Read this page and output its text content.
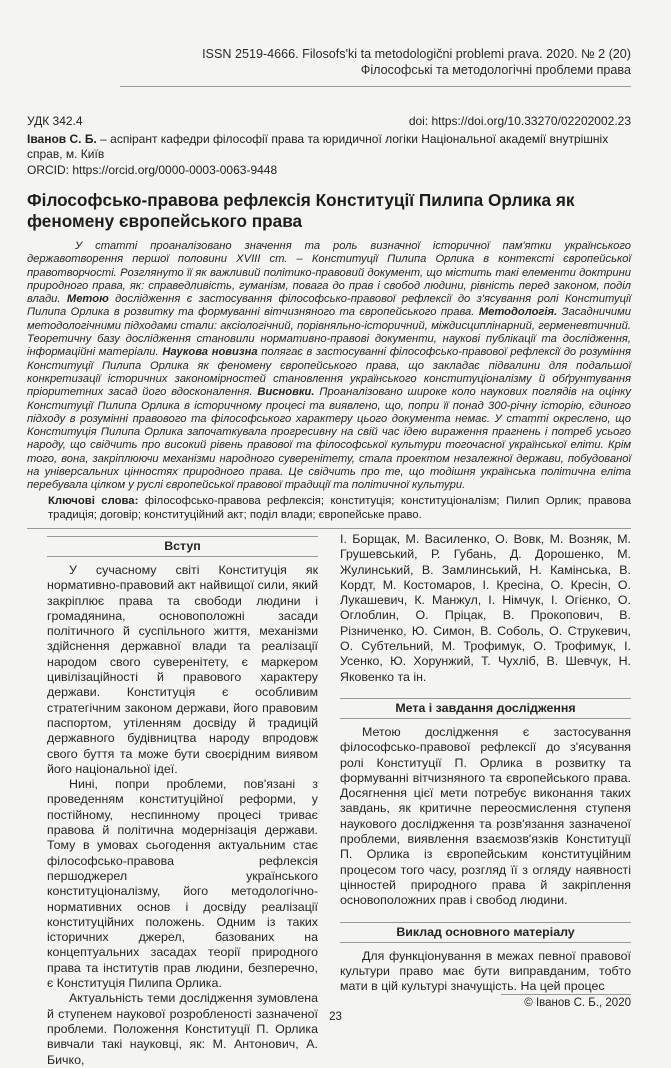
ISSN 2519-4666. Filosofs'ki ta metodologični problemi prava. 2020. № 2 (20)
Філософські та методологічні проблеми права
УДК 342.4	doi: https://doi.org/10.33270/02202002.23
Іванов С. Б. – аспірант кафедри філософії права та юридичної логіки Національної академії внутрішніх справ, м. Київ
ORCID: https://orcid.org/0000-0003-0063-9448
Філософсько-правова рефлексія Конституції Пилипа Орлика як феномену європейського права
У статті проаналізовано значення та роль визначної історичної пам'ятки українського державотворення першої половини XVIII ст. – Конституції Пилипа Орлика в контексті європейської правотворчості. Розглянуто її як важливий політико-правовий документ, що містить такі елементи доктрини природного права, як: справедливість, гуманізм, повага до прав і свобод людини, рівність перед законом, поділ влади. Метою дослідження є застосування філософсько-правової рефлексії до з'ясування ролі Конституції Пилипа Орлика в розвитку та формуванні вітчизняного та європейського права. Методологія. Засадничими методологічними підходами стали: аксіологічний, порівняльно-історичний, міждисциплінарний, герменевтичний. Теоретичну базу дослідження становили нормативно-правові документи, наукові публікації та дослідження, інформаційні матеріали. Наукова новизна полягає в застосуванні філософсько-правової рефлексії до розуміння Конституції Пилипа Орлика як феномену європейського права, що закладає підвалини для подальшої конкретизації історичних закономірностей становлення українського конституціоналізму й обґрунтування пріоритетних засад його вдосконалення. Висновки. Проаналізовано широке коло наукових поглядів на оцінку Конституції Пилипа Орлика в історичному процесі та виявлено, що, попри її понад 300-річну історію, єдиного підходу в розумінні правового та філософського характеру цього документа немає. У статті окреслено, що Конституція Пилипа Орлика започаткувала прогресивну на свій час ідею вираження прагнень і потреб усього народу, що свідчить про високий рівень правової та філософської культури тогочасної української еліти. Крім того, вона, закріплюючи механізми народного суверенітету, стала проектом незалежної держави, побудованої на універсальних цінностях природного права. Це свідчить про те, що тодішня українська політична еліта перебувала цілком у руслі європейської правової традиції та політичної культури.
Ключові слова: філософсько-правова рефлексія; конституція; конституціоналізм; Пилип Орлик; правова традиція; договір; конституційний акт; поділ влади; європейське право.
Вступ

У сучасному світі Конституція як нормативно-правовий акт найвищої сили, який закріплює права та свободи людини і громадянина, основоположні засади політичного й суспільного життя, механізми здійснення державної влади та реалізації народом свого суверенітету, є маркером цивілізаційності й правового характеру держави. Конституція є особливим стратегічним законом держави, його правовим паспортом, утіленням досвіду й традицій державного будівництва народу впродовж свого буття та може бути своєрідним виявом його національної ідеї.

Нині, попри проблеми, пов'язані з проведенням конституційної реформи, у постійному, неспинному процесі триває правова й політична модернізація держави. Тому в умовах сьогодення актуальним стає філософсько-правова рефлексія першоджерел українського конституціоналізму, його методологічно-нормативних основ і досвіду реалізації конституційних положень. Одним із таких історичних джерел, базованих на концептуальних засадах теорії природного права та інститутів прав людини, безперечно, є Конституція Пилипа Орлика.

Актуальність теми дослідження зумовлена й ступенем наукової розробленості зазначеної проблеми. Положення Конституції П. Орлика вивчали такі науковці, як: М. Антонович, А. Бичко,

І. Борщак, М. Василенко, О. Вовк, М. Возняк, М. Грушевський, Р. Губань, Д. Дорошенко, М. Жулинський, В. Замлинський, Н. Камінська, В. Кордт, М. Костомаров, І. Кресіна, О. Кресін, О. Лукашевич, К. Манжул, І. Німчук, І. Огієнко, О. Оглоблин, О. Пріцак, В. Прокопович, В. Різниченко, Ю. Симон, В. Соболь, О. Струкевич, О. Субтельний, М. Трофимук, О. Трофимук, І. Усенко, Ю. Хорунжий, Т. Чухліб, В. Шевчук, Н. Яковенко та ін.

Мета і завдання дослідження

Метою дослідження є застосування філософсько-правової рефлексії до з'ясування ролі Конституції П. Орлика в розвитку та формуванні вітчизняного та європейського права. Досягнення цієї мети потребує виконання таких завдань, як критичне переосмислення ступеня наукового дослідження та розв'язання зазначеної проблеми, виявлення взаємозв'язків Конституції П. Орлика із європейським конституційним процесом того часу, розгляд її з огляду наявності цінностей природного права й закріплення основоположних прав і свобод людини.

Виклад основного матеріалу

Для функціонування в межах певної правової культури право має бути виправданим, тобто мати в цій культурі значущість. На цей процес

© Іванов С. Б., 2020
23
